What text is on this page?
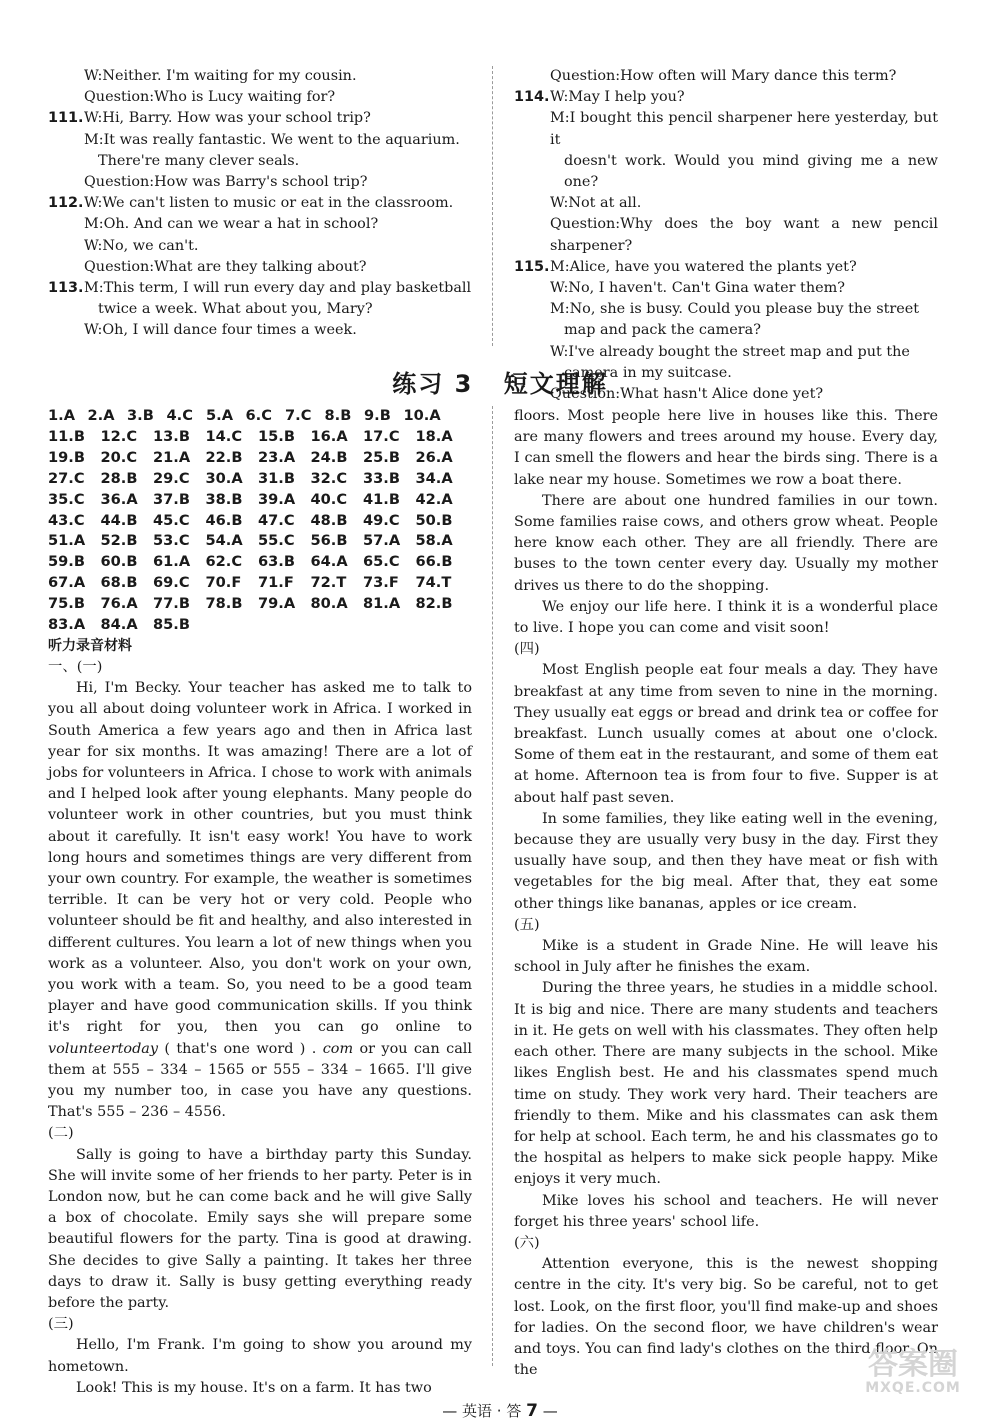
W:Neither. I'm waiting for my cousin.

Question:Who is Lucy waiting for?

111. W:Hi, Barry. How was your school trip?

M:It was really fantastic. We went to the aquarium.

There're many clever seals.

Question:How was Barry's school trip?

112. W:We can't listen to music or eat in the classroom.

M:Oh. And can we wear a hat in school?

W:No, we can't.

Question:What are they talking about?

113. M:This term, I will run every day and play basketball

twice a week. What about you, Mary?

W:Oh, I will dance four times a week.

Question:How often will Mary dance this term?

114. W:May I help you?

M:I bought this pencil sharpener here yesterday, but it

doesn't work. Would you mind giving me a new one?

W:Not at all.

Question:Why does the boy want a new pencil sharpener?

115. M:Alice, have you watered the plants yet?

W:No, I haven't. Can't Gina water them?

M:No, she is busy. Could you please buy the street

map and pack the camera?

W:I've already bought the street map and put the

camera in my suitcase.

Question:What hasn't Alice done yet?

练习 3 短文理解
1.A 2.A 3.B 4.C 5.A 6.C 7.C 8.B 9.B 10.A
11.B	12.C	13.B	14.C	15.B	16.A	17.C	18.A
19.B	20.C	21.A	22.B	23.A	24.B	25.B	26.A
27.C	28.B	29.C	30.A	31.B	32.C	33.B	34.A
35.C	36.A	37.B	38.B	39.A	40.C	41.B	42.A
43.C	44.B	45.C	46.B	47.C	48.B	49.C	50.B
51.A	52.B	53.C	54.A	55.C	56.B	57.A	58.A
59.B	60.B	61.A	62.C	63.B	64.A	65.C	66.B
67.A	68.B	69.C	70.F	71.F	72.T	73.F	74.T
75.B	76.A	77.B	78.B	79.A	80.A	81.A	82.B
83.A	84.A	85.B

听力录音材料

一、(一)

Hi, I'm Becky. Your teacher has asked me to talk to you all about doing volunteer work in Africa. I worked in South America a few years ago and then in Africa last year for six months. It was amazing! There are a lot of jobs for volunteers in Africa. I chose to work with animals and I helped look after young elephants. Many people do volunteer work in other countries, but you must think about it carefully. It isn't easy work! You have to work long hours and sometimes things are very different from your own country. For example, the weather is sometimes terrible. It can be very hot or very cold. People who volunteer should be fit and healthy, and also interested in different cultures. You learn a lot of new things when you work as a volunteer. Also, you don't work on your own, you work with a team. So, you need to be a good team player and have good communication skills. If you think it's right for you, then you can go online to volunteertoday ( that's one word ) . com or you can call them at 555 – 334 – 1565 or 555 – 334 – 1665. I'll give you my number too, in case you have any questions. That's 555 – 236 – 4556.

(二)

Sally is going to have a birthday party this Sunday. She will invite some of her friends to her party. Peter is in London now, but he can come back and he will give Sally a box of chocolate. Emily says she will prepare some beautiful flowers for the party. Tina is good at drawing. She decides to give Sally a painting. It takes her three days to draw it. Sally is busy getting everything ready before the party.

(三)

Hello, I'm Frank. I'm going to show you around my hometown.

Look! This is my house. It's on a farm. It has two

floors. Most people here live in houses like this. There are many flowers and trees around my house. Every day, I can smell the flowers and hear the birds sing. There is a lake near my house. Sometimes we row a boat there.

There are about one hundred families in our town. Some families raise cows, and others grow wheat. People here know each other. They are all friendly. There are buses to the town center every day. Usually my mother drives us there to do the shopping.

We enjoy our life here. I think it is a wonderful place to live. I hope you can come and visit soon!

(四)

Most English people eat four meals a day. They have breakfast at any time from seven to nine in the morning. They usually eat eggs or bread and drink tea or coffee for breakfast. Lunch usually comes at about one o'clock. Some of them eat in the restaurant, and some of them eat at home. Afternoon tea is from four to five. Supper is at about half past seven.

In some families, they like eating well in the evening, because they are usually very busy in the day. First they usually have soup, and then they have meat or fish with vegetables for the big meal. After that, they eat some other things like bananas, apples or ice cream.

(五)

Mike is a student in Grade Nine. He will leave his school in July after he finishes the exam.

During the three years, he studies in a middle school. It is big and nice. There are many students and teachers in it. He gets on well with his classmates. They often help each other. There are many subjects in the school. Mike likes English best. He and his classmates spend much time on study. They work very hard. Their teachers are friendly to them. Mike and his classmates can ask them for help at school. Each term, he and his classmates go to the hospital as helpers to make sick people happy. Mike enjoys it very much.

Mike loves his school and teachers. He will never forget his three years' school life.

(六)

Attention everyone, this is the newest shopping centre in the city. It's very big. So be careful, not to get lost. Look, on the first floor, you'll find make-up and shoes for ladies. On the second floor, we have children's wear and toys. You can find lady's clothes on the third floor. On the

— 英语 · 答 7 —
答案圈
MXQE.COM
